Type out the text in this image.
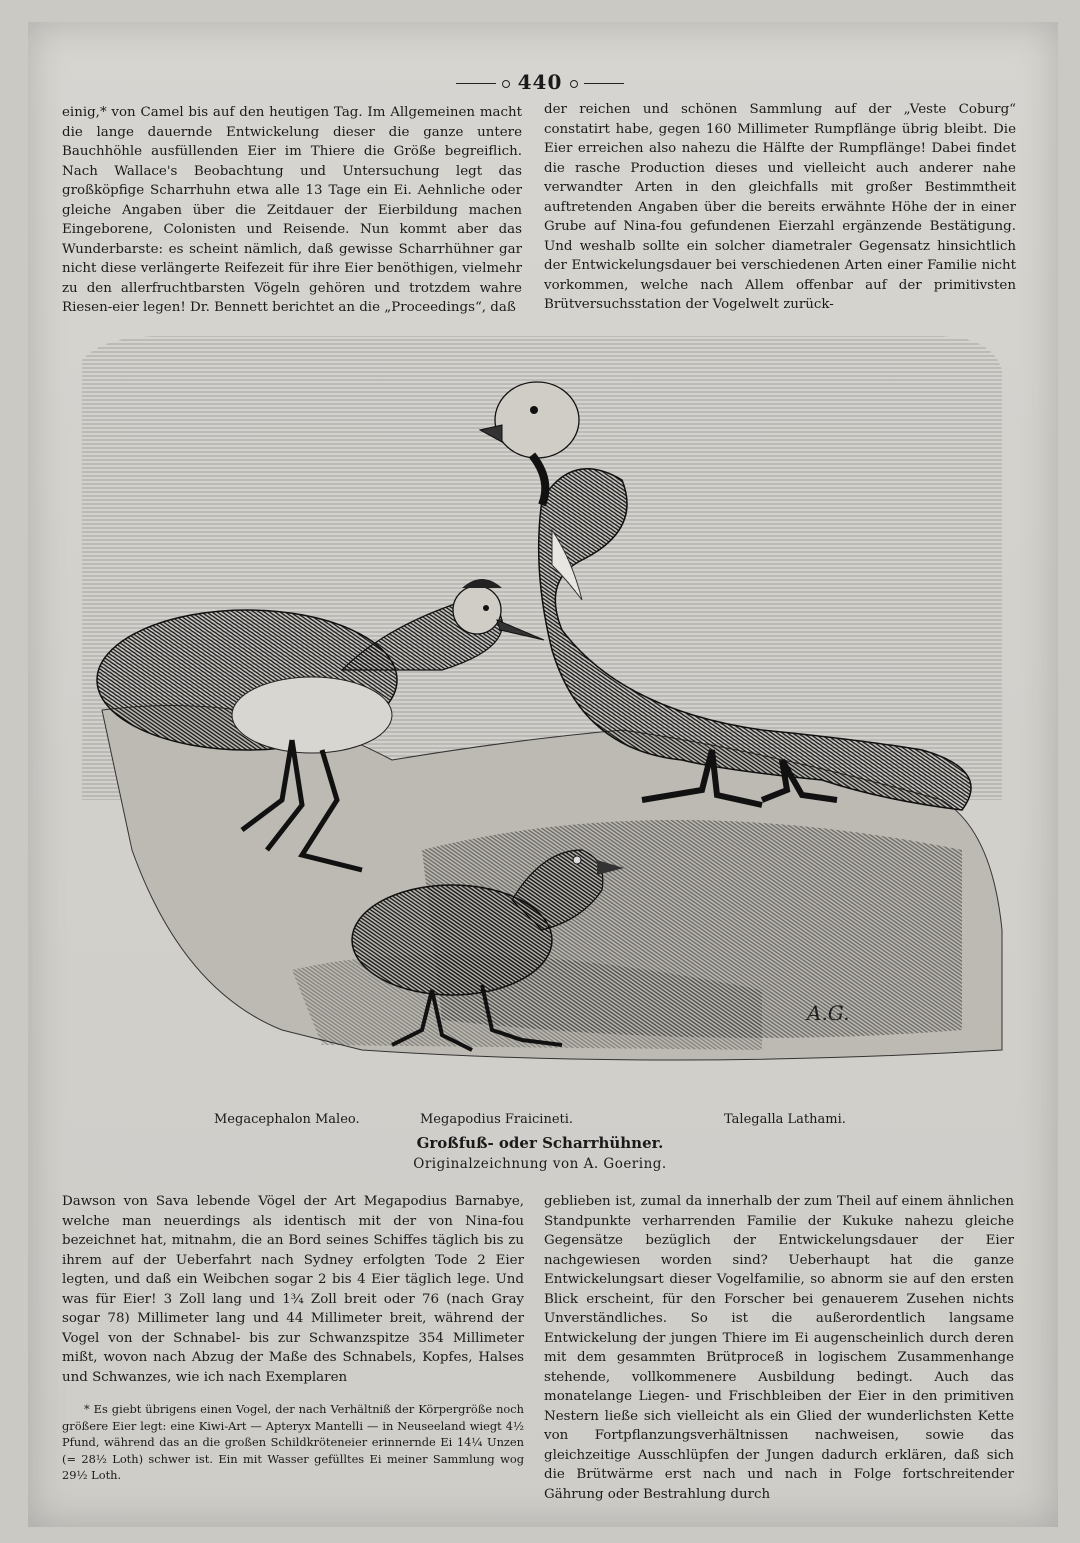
440

einig,* von Camel bis auf den heutigen Tag. Im Allgemeinen macht die lange dauernde Entwickelung dieser die ganze untere Bauchhöhle ausfüllenden Eier im Thiere die Größe begreiflich. Nach Wallace's Beobachtung und Untersuchung legt das großköpfige Scharrhuhn etwa alle 13 Tage ein Ei. Aehnliche oder gleiche Angaben über die Zeitdauer der Eierbildung machen Eingeborene, Colonisten und Reisende. Nun kommt aber das Wunderbarste: es scheint nämlich, daß gewisse Scharrhühner gar nicht diese verlängerte Reifezeit für ihre Eier benöthigen, vielmehr zu den allerfruchtbarsten Vögeln gehören und trotzdem wahre Riesen-eier legen! Dr. Bennett berichtet an die „Proceedings“, daß

der reichen und schönen Sammlung auf der „Veste Coburg“ constatirt habe, gegen 160 Millimeter Rumpflänge übrig bleibt. Die Eier erreichen also nahezu die Hälfte der Rumpflänge! Dabei findet die rasche Production dieses und vielleicht auch anderer nahe verwandter Arten in den gleichfalls mit großer Bestimmtheit auftretenden Angaben über die bereits erwähnte Höhe der in einer Grube auf Nina-fou gefundenen Eierzahl ergänzende Bestätigung. Und weshalb sollte ein solcher diametraler Gegensatz hinsichtlich der Entwickelungsdauer bei verschiedenen Arten einer Familie nicht vorkommen, welche nach Allem offenbar auf der primitivsten Brütversuchsstation der Vogelwelt zurück-

A.G.
Megacephalon Maleo.	Megapodius Fraicineti.	Talegalla Lathami.
Großfuß- oder Scharrhühner.
Originalzeichnung von A. Goering.

Dawson von Sava lebende Vögel der Art Megapodius Barnabye, welche man neuerdings als identisch mit der von Nina-fou bezeichnet hat, mitnahm, die an Bord seines Schiffes täglich bis zu ihrem auf der Ueberfahrt nach Sydney erfolgten Tode 2 Eier legten, und daß ein Weibchen sogar 2 bis 4 Eier täglich lege. Und was für Eier! 3 Zoll lang und 1¾ Zoll breit oder 76 (nach Gray sogar 78) Millimeter lang und 44 Millimeter breit, während der Vogel von der Schnabel- bis zur Schwanzspitze 354 Millimeter mißt, wovon nach Abzug der Maße des Schnabels, Kopfes, Halses und Schwanzes, wie ich nach Exemplaren

* Es giebt übrigens einen Vogel, der nach Verhältniß der Körpergröße noch größere Eier legt: eine Kiwi-Art — Apteryx Mantelli — in Neuseeland wiegt 4½ Pfund, während das an die großen Schildkröteneier erinnernde Ei 14¼ Unzen (= 28½ Loth) schwer ist. Ein mit Wasser gefülltes Ei meiner Sammlung wog 29½ Loth.

geblieben ist, zumal da innerhalb der zum Theil auf einem ähnlichen Standpunkte verharrenden Familie der Kukuke nahezu gleiche Gegensätze bezüglich der Entwickelungsdauer der Eier nachgewiesen worden sind? Ueberhaupt hat die ganze Entwickelungsart dieser Vogelfamilie, so abnorm sie auf den ersten Blick erscheint, für den Forscher bei genauerem Zusehen nichts Unverständliches. So ist die außerordentlich langsame Entwickelung der jungen Thiere im Ei augenscheinlich durch deren mit dem gesammten Brütproceß in logischem Zusammenhange stehende, vollkommenere Ausbildung bedingt. Auch das monatelange Liegen- und Frischbleiben der Eier in den primitiven Nestern ließe sich vielleicht als ein Glied der wunderlichsten Kette von Fortpflanzungsverhältnissen nachweisen, sowie das gleichzeitige Ausschlüpfen der Jungen dadurch erklären, daß sich die Brütwärme erst nach und nach in Folge fortschreitender Gährung oder Bestrahlung durch
